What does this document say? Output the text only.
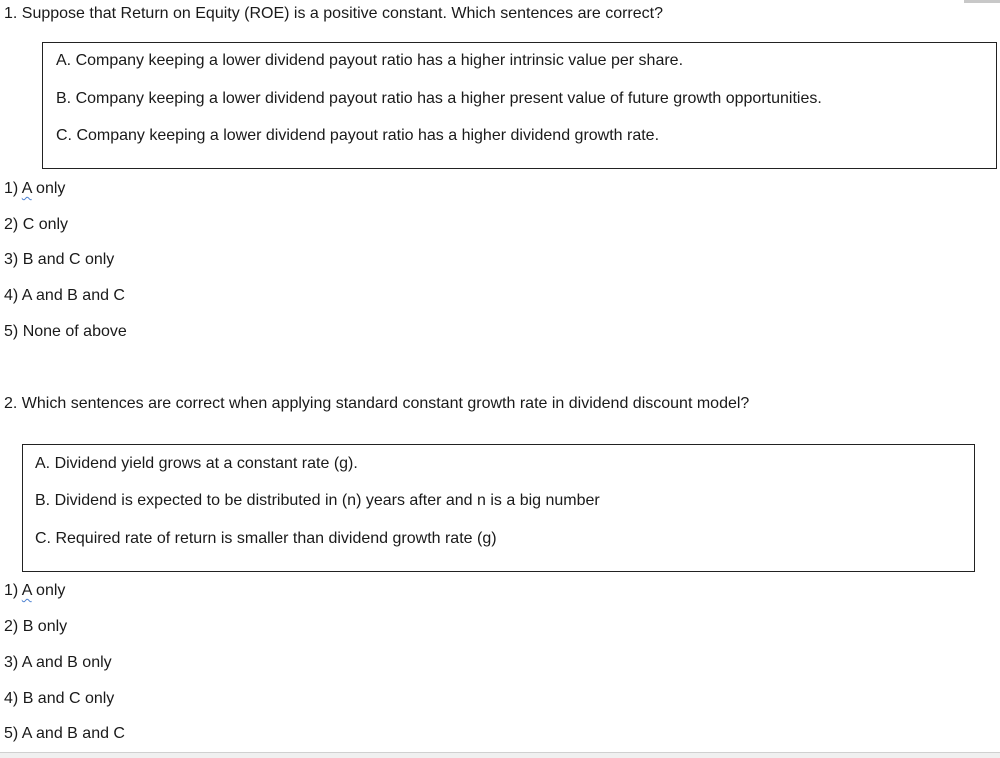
1. Suppose that Return on Equity (ROE) is a positive constant. Which sentences are correct?
A. Company keeping a lower dividend payout ratio has a higher intrinsic value per share.
B. Company keeping a lower dividend payout ratio has a higher present value of future growth opportunities.
C. Company keeping a lower dividend payout ratio has a higher dividend growth rate.
1) A only
2) C only
3) B and C only
4) A and B and C
5) None of above
2. Which sentences are correct when applying standard constant growth rate in dividend discount model?
A. Dividend yield grows at a constant rate (g).
B. Dividend is expected to be distributed in (n) years after and n is a big number
C. Required rate of return is smaller than dividend growth rate (g)
1) A only
2) B only
3) A and B only
4) B and C only
5) A and B and C
